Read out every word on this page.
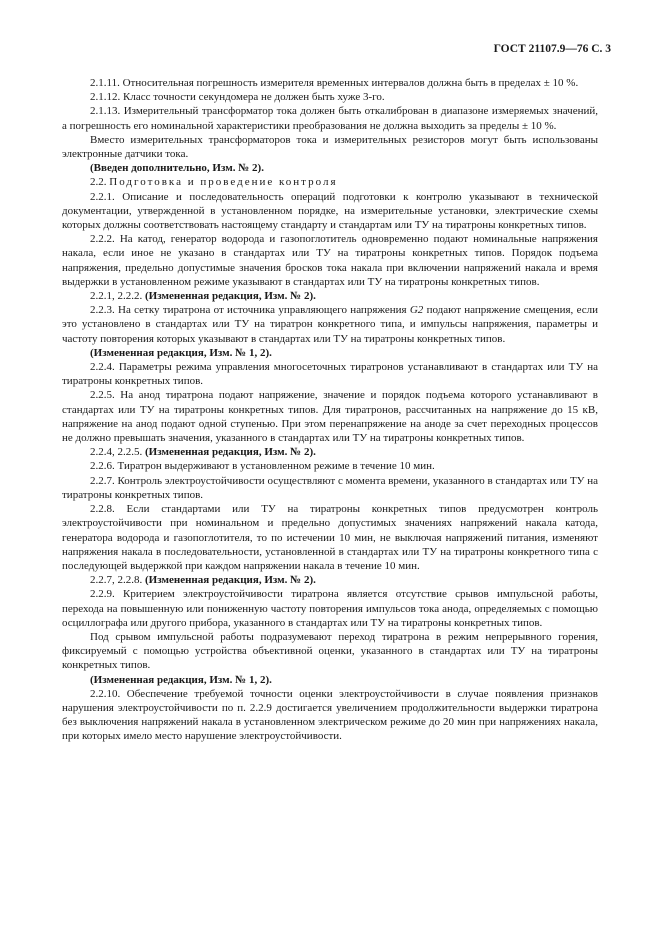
ГОСТ 21107.9—76 С. 3

2.1.11. Относительная погрешность измерителя временных интервалов должна быть в пределах ± 10 %.

2.1.12. Класс точности секундомера не должен быть хуже 3-го.

2.1.13. Измерительный трансформатор тока должен быть откалиброван в диапазоне измеряемых значений, а погрешность его номинальной характеристики преобразования не должна выходить за пределы ± 10 %.

Вместо измерительных трансформаторов тока и измерительных резисторов могут быть использованы электронные датчики тока.

(Введен дополнительно, Изм. № 2).

2.2. Подготовка и проведение контроля

2.2.1. Описание и последовательность операций подготовки к контролю указывают в технической документации, утвержденной в установленном порядке, на измерительные установки, электрические схемы которых должны соответствовать настоящему стандарту и стандартам или ТУ на тиратроны конкретных типов.

2.2.2. На катод, генератор водорода и газопоглотитель одновременно подают номинальные напряжения накала, если иное не указано в стандартах или ТУ на тиратроны конкретных типов. Порядок подъема напряжения, предельно допустимые значения бросков тока накала при включении напряжений накала и время выдержки в установленном режиме указывают в стандартах или ТУ на тиратроны конкретных типов.

2.2.1, 2.2.2. (Измененная редакция, Изм. № 2).

2.2.3. На сетку тиратрона от источника управляющего напряжения G2 подают напряжение смещения, если это установлено в стандартах или ТУ на тиратрон конкретного типа, и импульсы напряжения, параметры и частоту повторения которых указывают в стандартах или ТУ на тиратроны конкретных типов.

(Измененная редакция, Изм. № 1, 2).

2.2.4. Параметры режима управления многосеточных тиратронов устанавливают в стандартах или ТУ на тиратроны конкретных типов.

2.2.5. На анод тиратрона подают напряжение, значение и порядок подъема которого устанавливают в стандартах или ТУ на тиратроны конкретных типов. Для тиратронов, рассчитанных на напряжение до 15 кВ, напряжение на анод подают одной ступенью. При этом перенапряжение на аноде за счет переходных процессов не должно превышать значения, указанного в стандартах или ТУ на тиратроны конкретных типов.

2.2.4, 2.2.5. (Измененная редакция, Изм. № 2).

2.2.6. Тиратрон выдерживают в установленном режиме в течение 10 мин.

2.2.7. Контроль электроустойчивости осуществляют с момента времени, указанного в стандартах или ТУ на тиратроны конкретных типов.

2.2.8. Если стандартами или ТУ на тиратроны конкретных типов предусмотрен контроль электроустойчивости при номинальном и предельно допустимых значениях напряжений накала катода, генератора водорода и газопоглотителя, то по истечении 10 мин, не выключая напряжений питания, изменяют напряжения накала в последовательности, установленной в стандартах или ТУ на тиратроны конкретного типа с последующей выдержкой при каждом напряжении накала в течение 10 мин.

2.2.7, 2.2.8. (Измененная редакция, Изм. № 2).

2.2.9. Критерием электроустойчивости тиратрона является отсутствие срывов импульсной работы, перехода на повышенную или пониженную частоту повторения импульсов тока анода, определяемых с помощью осциллографа или другого прибора, указанного в стандартах или ТУ на тиратроны конкретных типов.

Под срывом импульсной работы подразумевают переход тиратрона в режим непрерывного горения, фиксируемый с помощью устройства объективной оценки, указанного в стандартах или ТУ на тиратроны конкретных типов.

(Измененная редакция, Изм. № 1, 2).

2.2.10. Обеспечение требуемой точности оценки электроустойчивости в случае появления признаков нарушения электроустойчивости по п. 2.2.9 достигается увеличением продолжительности выдержки тиратрона без выключения напряжений накала в установленном электрическом режиме до 20 мин при напряжениях накала, при которых имело место нарушение электроустойчивости.
